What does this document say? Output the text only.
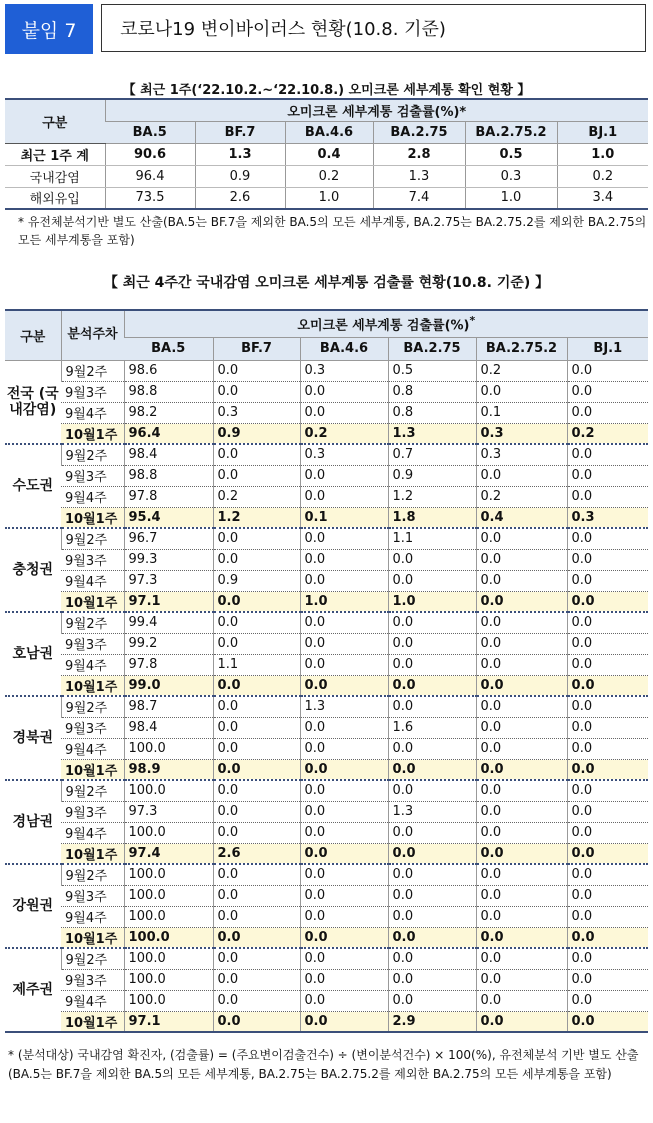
붙임 7	코로나19 변이바이러스 현황(10.8. 기준)
【 최근 1주(‘22.10.2.~‘22.10.8.) 오미크론 세부계통 확인 현황 】
구분	오미크론 세부계통 검출률(%)*					
	BA.5	BF.7	BA.4.6	BA.2.75	BA.2.75.2	BJ.1
최근 1주 계	90.6	1.3	0.4	2.8	0.5	1.0
국내감염	96.4	0.9	0.2	1.3	0.3	0.2
해외유입	73.5	2.6	1.0	7.4	1.0	3.4
* 유전체분석기반 별도 산출(BA.5는 BF.7을 제외한 BA.5의 모든 세부계통, BA.2.75는 BA.2.75.2를 제외한 BA.2.75의 모든 세부계통을 포함)
【 최근 4주간 국내감염 오미크론 세부계통 검출률 현황(10.8. 기준) 】
구분	분석주차	오미크론 세부계통 검출률(%)*
		BA.5	BF.7	BA.4.6	BA.2.75	BA.2.75.2	BJ.1
전국 (국내감염)	9월2주	98.6	0.0	0.3	0.5	0.2	0.0
	9월3주	98.8	0.0	0.0	0.8	0.0	0.0
	9월4주	98.2	0.3	0.0	0.8	0.1	0.0
	10월1주	96.4	0.9	0.2	1.3	0.3	0.2
수도권	9월2주	98.4	0.0	0.3	0.7	0.3	0.0
	9월3주	98.8	0.0	0.0	0.9	0.0	0.0
	9월4주	97.8	0.2	0.0	1.2	0.2	0.0
	10월1주	95.4	1.2	0.1	1.8	0.4	0.3
충청권	9월2주	96.7	0.0	0.0	1.1	0.0	0.0
	9월3주	99.3	0.0	0.0	0.0	0.0	0.0
	9월4주	97.3	0.9	0.0	0.0	0.0	0.0
	10월1주	97.1	0.0	1.0	1.0	0.0	0.0
호남권	9월2주	99.4	0.0	0.0	0.0	0.0	0.0
	9월3주	99.2	0.0	0.0	0.0	0.0	0.0
	9월4주	97.8	1.1	0.0	0.0	0.0	0.0
	10월1주	99.0	0.0	0.0	0.0	0.0	0.0
경북권	9월2주	98.7	0.0	1.3	0.0	0.0	0.0
	9월3주	98.4	0.0	0.0	1.6	0.0	0.0
	9월4주	100.0	0.0	0.0	0.0	0.0	0.0
	10월1주	98.9	0.0	0.0	0.0	0.0	0.0
경남권	9월2주	100.0	0.0	0.0	0.0	0.0	0.0
	9월3주	97.3	0.0	0.0	1.3	0.0	0.0
	9월4주	100.0	0.0	0.0	0.0	0.0	0.0
	10월1주	97.4	2.6	0.0	0.0	0.0	0.0
강원권	9월2주	100.0	0.0	0.0	0.0	0.0	0.0
	9월3주	100.0	0.0	0.0	0.0	0.0	0.0
	9월4주	100.0	0.0	0.0	0.0	0.0	0.0
	10월1주	100.0	0.0	0.0	0.0	0.0	0.0
제주권	9월2주	100.0	0.0	0.0	0.0	0.0	0.0
	9월3주	100.0	0.0	0.0	0.0	0.0	0.0
	9월4주	100.0	0.0	0.0	0.0	0.0	0.0
	10월1주	97.1	0.0	0.0	2.9	0.0	0.0
* (분석대상) 국내감염 확진자, (검출률) = (주요변이검출건수) ÷ (변이분석건수) × 100(%), 유전체분석 기반 별도 산출(BA.5는 BF.7을 제외한 BA.5의 모든 세부계통, BA.2.75는 BA.2.75.2를 제외한 BA.2.75의 모든 세부계통을 포함)
